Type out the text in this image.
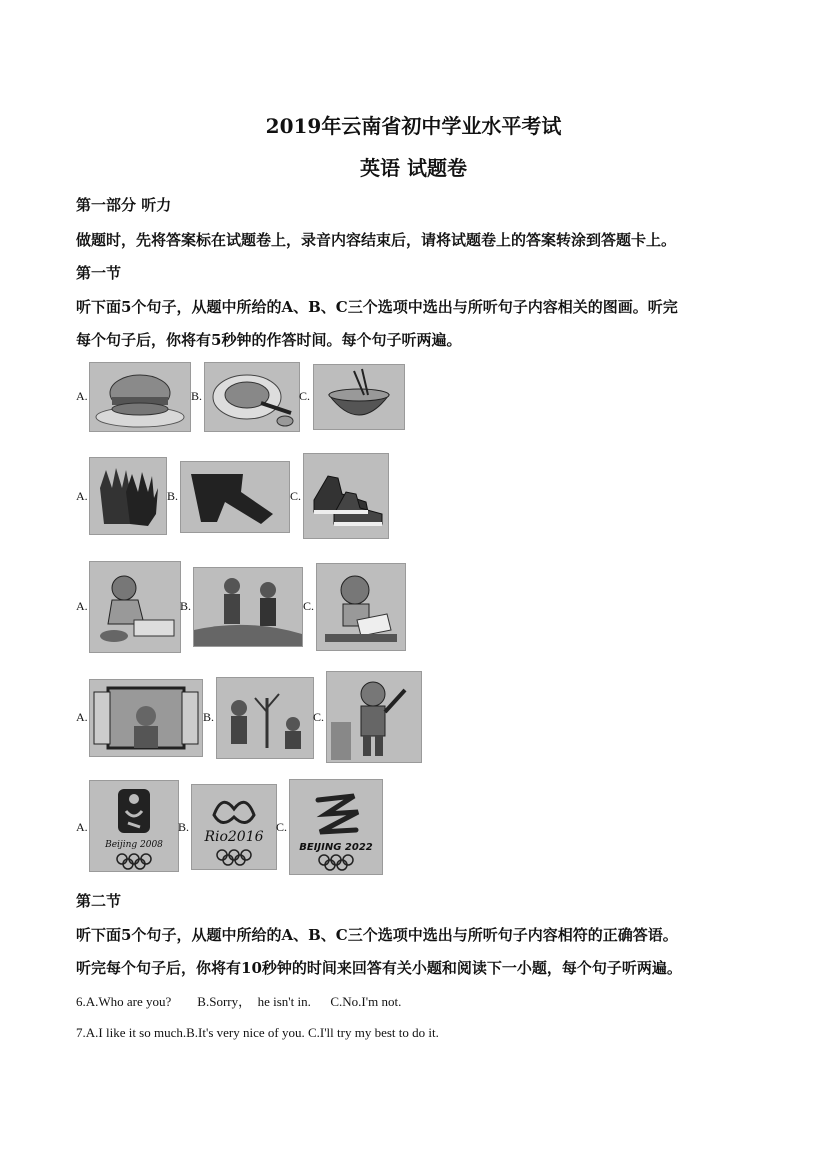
2019年云南省初中学业水平考试
英语 试题卷
第一部分 听力
做题时，先将答案标在试题卷上，录音内容结束后，请将试题卷上的答案转涂到答题卡上。
第一节
听下面5个句子，从题中所给的A、B、C三个选项中选出与所听句子内容相关的图画。听完
每个句子后，你将有5秒钟的作答时间。每个句子听两遍。
A.	B.	C.
A.	B.	C.
A.	B.	C.
A.	B.	C.
A.
Beijing 2008
B.
Rio2016
C.
BEIJING 2022
第二节
听下面5个句子，从题中所给的A、B、C三个选项中选出与所听句子内容相符的正确答语。
听完每个句子后，你将有10秒钟的时间来回答有关小题和阅读下一小题，每个句子听两遍。
6.A.Who are you?        B.Sorry，  he isn't in.      C.No.I'm not.
7.A.I like it so much.B.It's very nice of you. C.I'll try my best to do it.
